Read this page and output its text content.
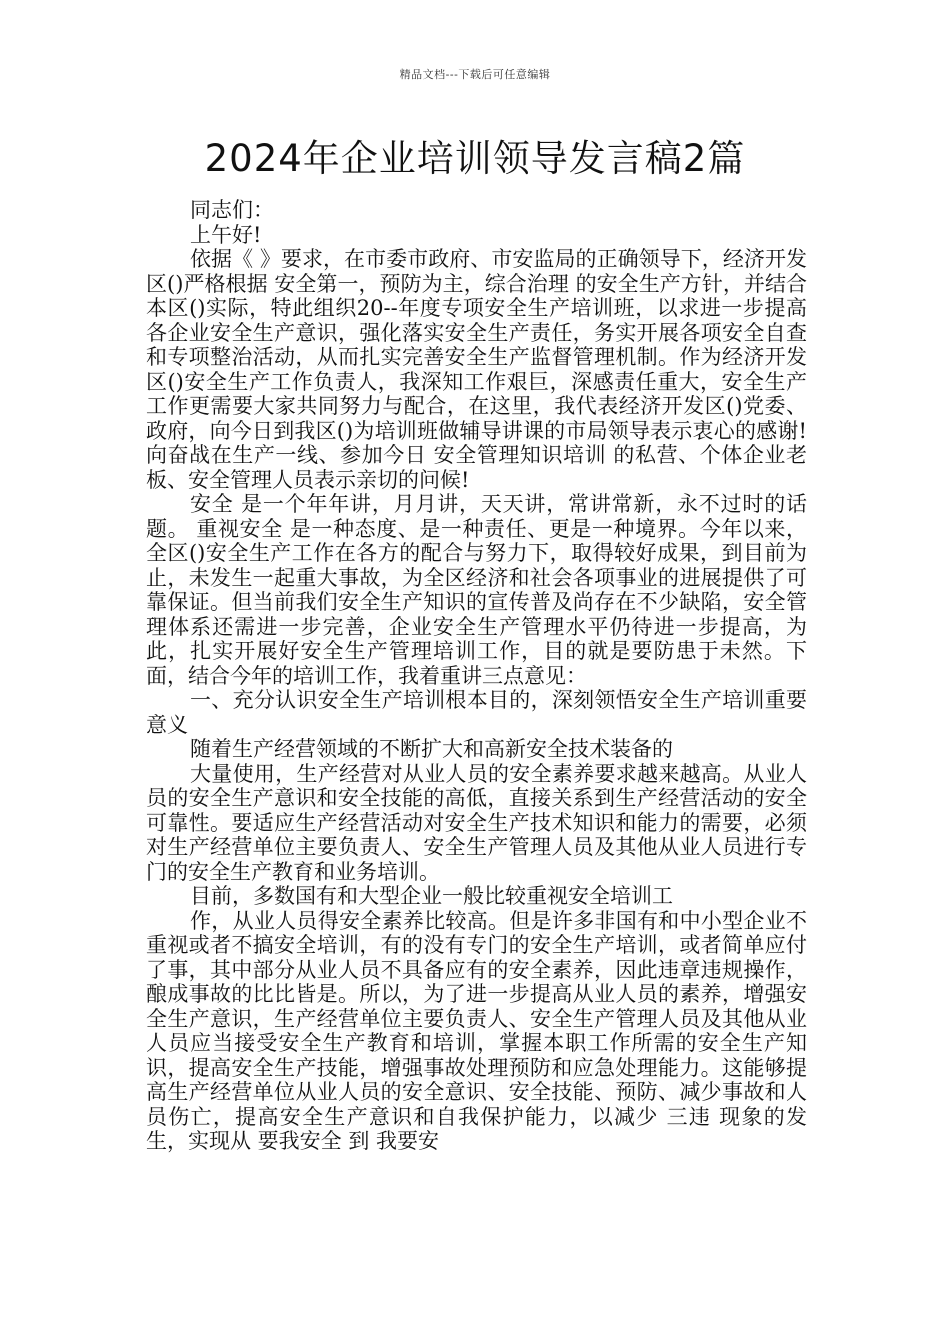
精品文档---下载后可任意编辑
2024年企业培训领导发言稿2篇

同志们：

上午好!

依据《 》要求，在市委市政府、市安监局的正确领导下，经济开发区()严格根据 安全第一，预防为主，综合治理 的安全生产方针，并结合本区()实际，特此组织20--年度专项安全生产培训班，以求进一步提高各企业安全生产意识，强化落实安全生产责任，务实开展各项安全自查和专项整治活动，从而扎实完善安全生产监督管理机制。作为经济开发区()安全生产工作负责人，我深知工作艰巨，深感责任重大，安全生产工作更需要大家共同努力与配合，在这里，我代表经济开发区()党委、政府，向今日到我区()为培训班做辅导讲课的市局领导表示衷心的感谢!向奋战在生产一线、参加今日 安全管理知识培训 的私营、个体企业老板、安全管理人员表示亲切的问候!

安全 是一个年年讲，月月讲，天天讲，常讲常新，永不过时的话题。 重视安全 是一种态度、是一种责任、更是一种境界。今年以来，全区()安全生产工作在各方的配合与努力下，取得较好成果，到目前为止，未发生一起重大事故，为全区经济和社会各项事业的进展提供了可靠保证。但当前我们安全生产知识的宣传普及尚存在不少缺陷，安全管理体系还需进一步完善，企业安全生产管理水平仍待进一步提高，为此，扎实开展好安全生产管理培训工作，目的就是要防患于未然。下面，结合今年的培训工作，我着重讲三点意见：

一、充分认识安全生产培训根本目的，深刻领悟安全生产培训重要意义

随着生产经营领域的不断扩大和高新安全技术装备的

大量使用，生产经营对从业人员的安全素养要求越来越高。从业人员的安全生产意识和安全技能的高低，直接关系到生产经营活动的安全可靠性。要适应生产经营活动对安全生产技术知识和能力的需要，必须对生产经营单位主要负责人、安全生产管理人员及其他从业人员进行专门的安全生产教育和业务培训。

目前，多数国有和大型企业一般比较重视安全培训工

作，从业人员得安全素养比较高。但是许多非国有和中小型企业不重视或者不搞安全培训，有的没有专门的安全生产培训，或者简单应付了事，其中部分从业人员不具备应有的安全素养，因此违章违规操作，酿成事故的比比皆是。所以，为了进一步提高从业人员的素养，增强安全生产意识，生产经营单位主要负责人、安全生产管理人员及其他从业人员应当接受安全生产教育和培训，掌握本职工作所需的安全生产知识，提高安全生产技能，增强事故处理预防和应急处理能力。这能够提高生产经营单位从业人员的安全意识、安全技能、预防、减少事故和人员伤亡，提高安全生产意识和自我保护能力，以减少 三违 现象的发生，实现从 要我安全 到 我要安
